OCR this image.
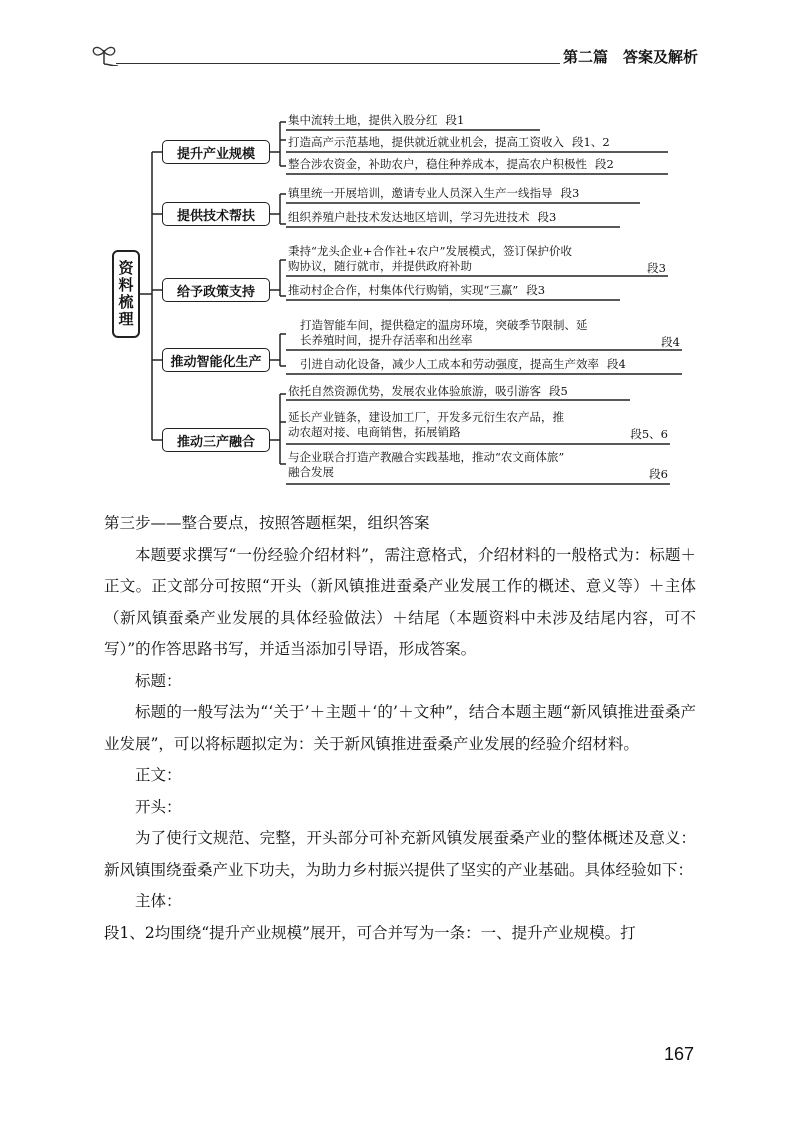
第二篇　答案及解析
资料梳理
提升产业规模
提供技术帮扶
给予政策支持
推动智能化生产
推动三产融合
集中流转土地，提供入股分红 段1
打造高产示范基地，提供就近就业机会，提高工资收入 段1、2
整合涉农资金，补助农户，稳住种养成本，提高农户积极性 段2
镇里统一开展培训，邀请专业人员深入生产一线指导 段3
组织养殖户赴技术发达地区培训，学习先进技术 段3
秉持“龙头企业+合作社+农户”发展模式，签订保护价收
购协议，随行就市，并提供政府补助	段3
推动村企合作，村集体代行购销，实现“三赢” 段3
打造智能车间，提供稳定的温房环境，突破季节限制、延
长养殖时间，提升存活率和出丝率	段4
引进自动化设备，减少人工成本和劳动强度，提高生产效率 段4
依托自然资源优势，发展农业体验旅游，吸引游客 段5
延长产业链条，建设加工厂，开发多元衍生农产品，推
动农超对接、电商销售，拓展销路	段5、6
与企业联合打造产教融合实践基地，推动“农文商体旅”
融合发展	段6

第三步——整合要点，按照答题框架，组织答案

本题要求撰写“一份经验介绍材料”，需注意格式，介绍材料的一般格式为：标题＋正文。正文部分可按照“开头（新风镇推进蚕桑产业发展工作的概述、意义等）＋主体（新风镇蚕桑产业发展的具体经验做法）＋结尾（本题资料中未涉及结尾内容，可不写）”的作答思路书写，并适当添加引导语，形成答案。

标题：

标题的一般写法为“‘关于’＋主题＋‘的’＋文种”，结合本题主题“新风镇推进蚕桑产业发展”，可以将标题拟定为：关于新风镇推进蚕桑产业发展的经验介绍材料。

正文：

开头：

为了使行文规范、完整，开头部分可补充新风镇发展蚕桑产业的整体概述及意义：新风镇围绕蚕桑产业下功夫，为助力乡村振兴提供了坚实的产业基础。具体经验如下：

主体：

段1、2均围绕“提升产业规模”展开，可合并写为一条：一、提升产业规模。打

167
